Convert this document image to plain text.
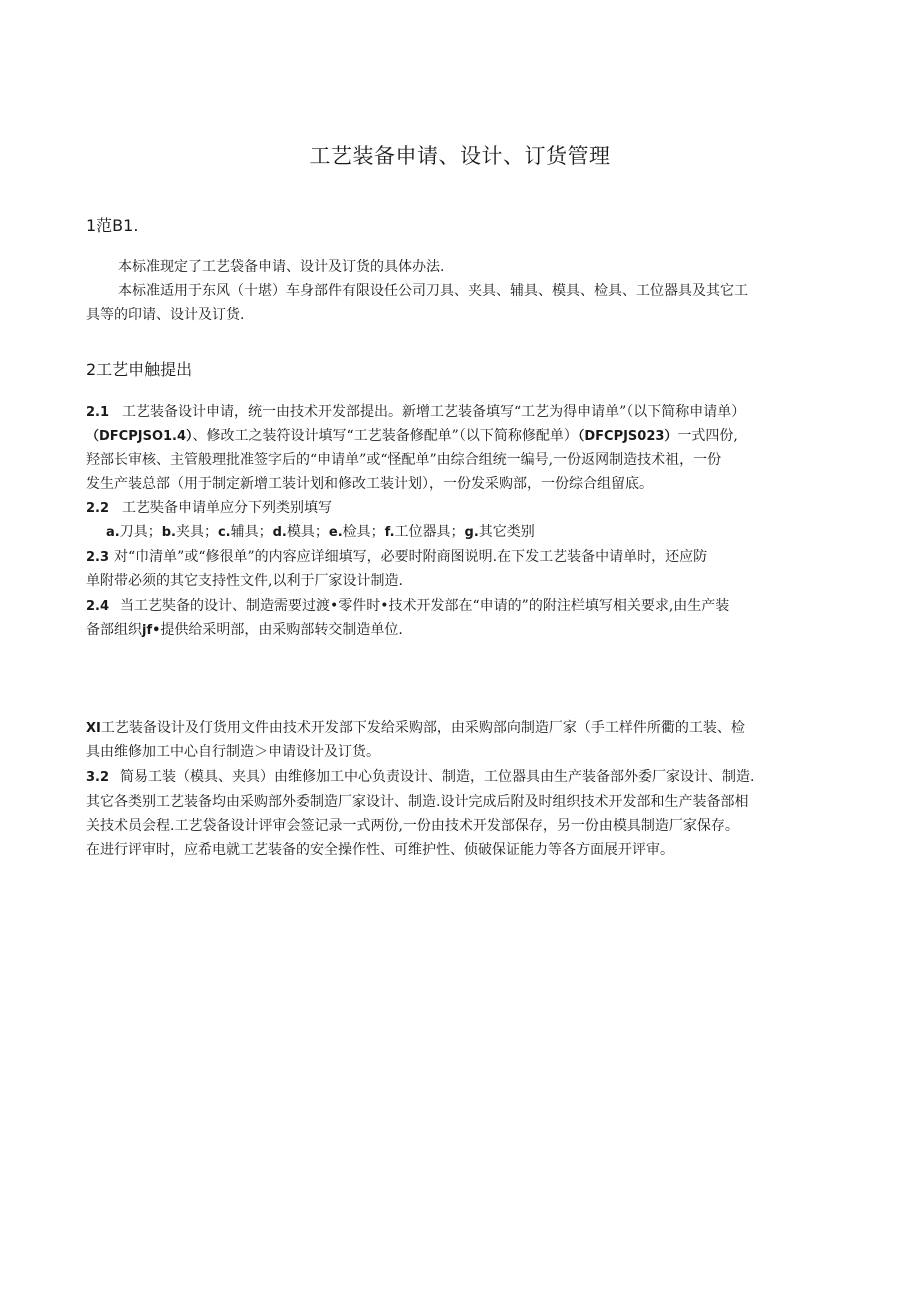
工艺装备申请、设计、订货管理
1范B1.
本标准现定了工艺袋备申请、设计及订货的具体办法.
本标准适用于东风（十堪）车身部件有限设任公司刀具、夹具、辅具、模具、检具、工位器具及其它工
具等的印请、设计及订货.
2工艺申触提出
2.1 工艺装备设计申请，统一由技术开发部提出。新增工艺装备填写“工艺为得申请单”（以下简称申请单）
（DFCPJSO1.4）、修改工之装符设计填写“工艺装备修配单”（以下简称修配单）（DFCPJS023）一式四份,
羟部长审核、主管般理批准签字后的“申请单”或“怪配单”由综合组统一编号,一份返网制造技术祖，一份
发生产装总部（用于制定新增工装计划和修改工装计划），一份发采购部，一份综合组留底。
2.2 工艺奘备申请单应分下列类别填写
a.刀具；b.夹具；c.辅具；d.模具；e.检具；f.工位器具；g.其它类别
2.3 对“巾清单”或“修很单”的内容应详细填写，必要时附商图说明.在下发工艺装备中请单时，还应防
单附带必须的其它支持性文件,以利于厂家设计制造.
2.4 当工艺奘备的设计、制造需要过渡•零件时•技术开发部在“申请的”的附注栏填写相关要求,由生产装
备部组织jf•提供给采明部，由采购部转交制造单位.
XI工艺装备设计及仃货用文件由技术开发部下发给采购部，由采购部向制造厂家（手工样件所衢的工装、检
具由维修加工中心自行制造＞申请设计及订货。
3.2 简易工装（模具、夹具）由维修加工中心负责设计、制造，工位器具由生产装备部外委厂家设计、制造.
其它各类别工艺装备均由采购部外委制造厂家设计、制造.设计完成后附及时组织技术开发部和生产装备部相
关技术员会程.工艺袋备设计评审会签记录一式两份,一份由技术开发部保存，另一份由模具制造厂家保存。
在进行评审时，应希电就工艺装备的安全操作性、可维护性、侦破保证能力等各方面展开评审。
